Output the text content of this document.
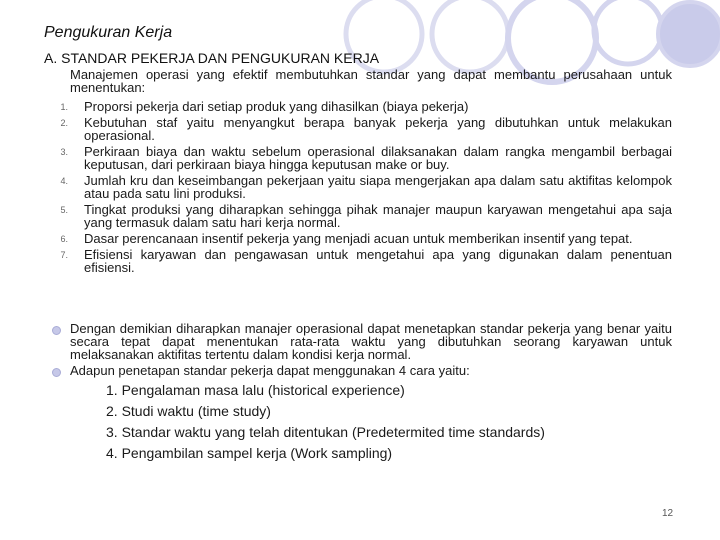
Pengukuran Kerja
A. STANDAR PEKERJA DAN PENGUKURAN KERJA
Manajemen operasi yang efektif membutuhkan standar yang dapat membantu perusahaan untuk menentukan:
1. Proporsi pekerja dari setiap produk yang dihasilkan (biaya pekerja)
2. Kebutuhan staf yaitu menyangkut berapa banyak pekerja yang dibutuhkan untuk melakukan operasional.
3. Perkiraan biaya dan waktu sebelum operasional dilaksanakan dalam rangka mengambil berbagai keputusan, dari perkiraan biaya hingga keputusan make or buy.
4. Jumlah kru dan keseimbangan pekerjaan yaitu siapa mengerjakan apa dalam satu aktifitas kelompok atau pada satu lini produksi.
5. Tingkat produksi yang diharapkan sehingga pihak manajer maupun karyawan mengetahui apa saja yang termasuk dalam satu hari kerja normal.
6. Dasar perencanaan insentif pekerja yang menjadi acuan untuk memberikan insentif yang tepat.
7. Efisiensi karyawan dan pengawasan untuk mengetahui apa yang digunakan dalam penentuan efisiensi.
Dengan demikian diharapkan manajer operasional dapat menetapkan standar pekerja yang benar yaitu secara tepat dapat menentukan rata-rata waktu yang dibutuhkan seorang karyawan untuk melaksanakan aktifitas tertentu dalam kondisi kerja normal.
Adapun penetapan standar pekerja dapat menggunakan 4 cara yaitu:
1. Pengalaman masa lalu (historical experience)
2. Studi waktu (time study)
3. Standar waktu yang telah ditentukan (Predetermited time standards)
4. Pengambilan sampel kerja (Work sampling)
12
